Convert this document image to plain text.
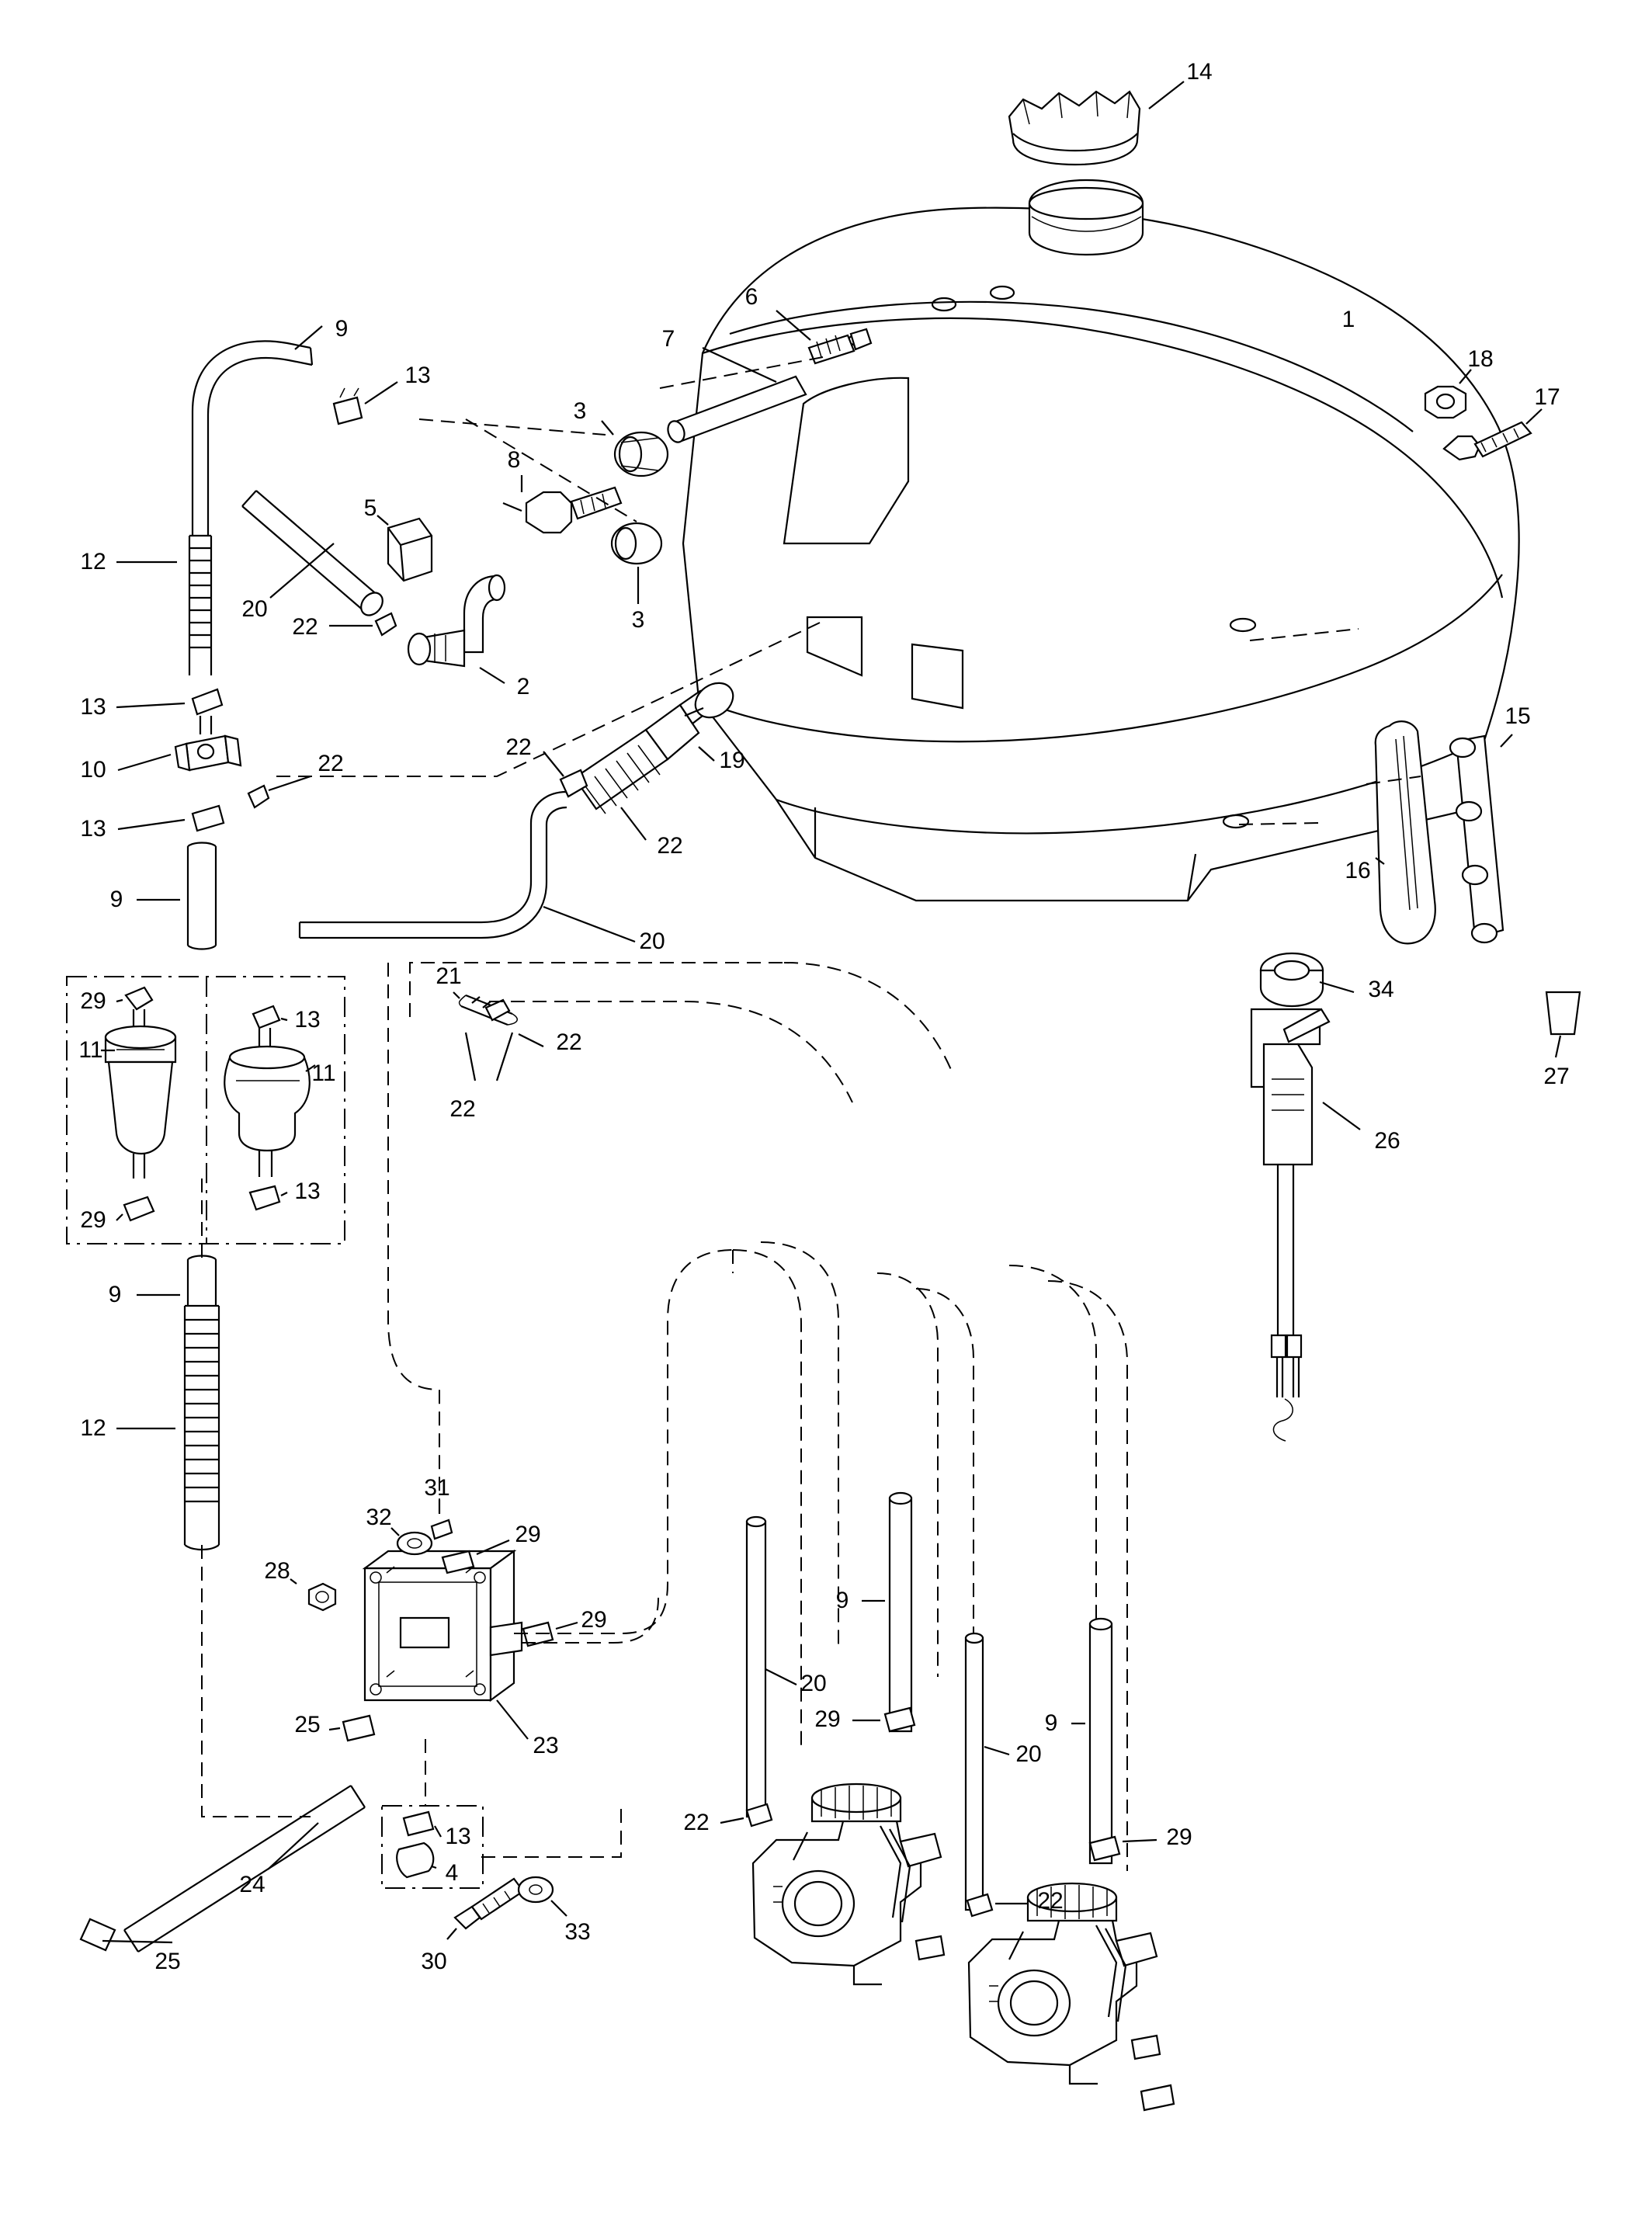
14
9
6
1
13
7
18
17
3
8
5
12
20	3
22
2
13
22
10	22	19
15
13
22
16
9
20
34
21
27
29
13
22
11
11
22
26
13
29
9
12
31
32
29
28
29
9
20
29	9
25
23	20
13
22
24	4
29
22
25	30
33
